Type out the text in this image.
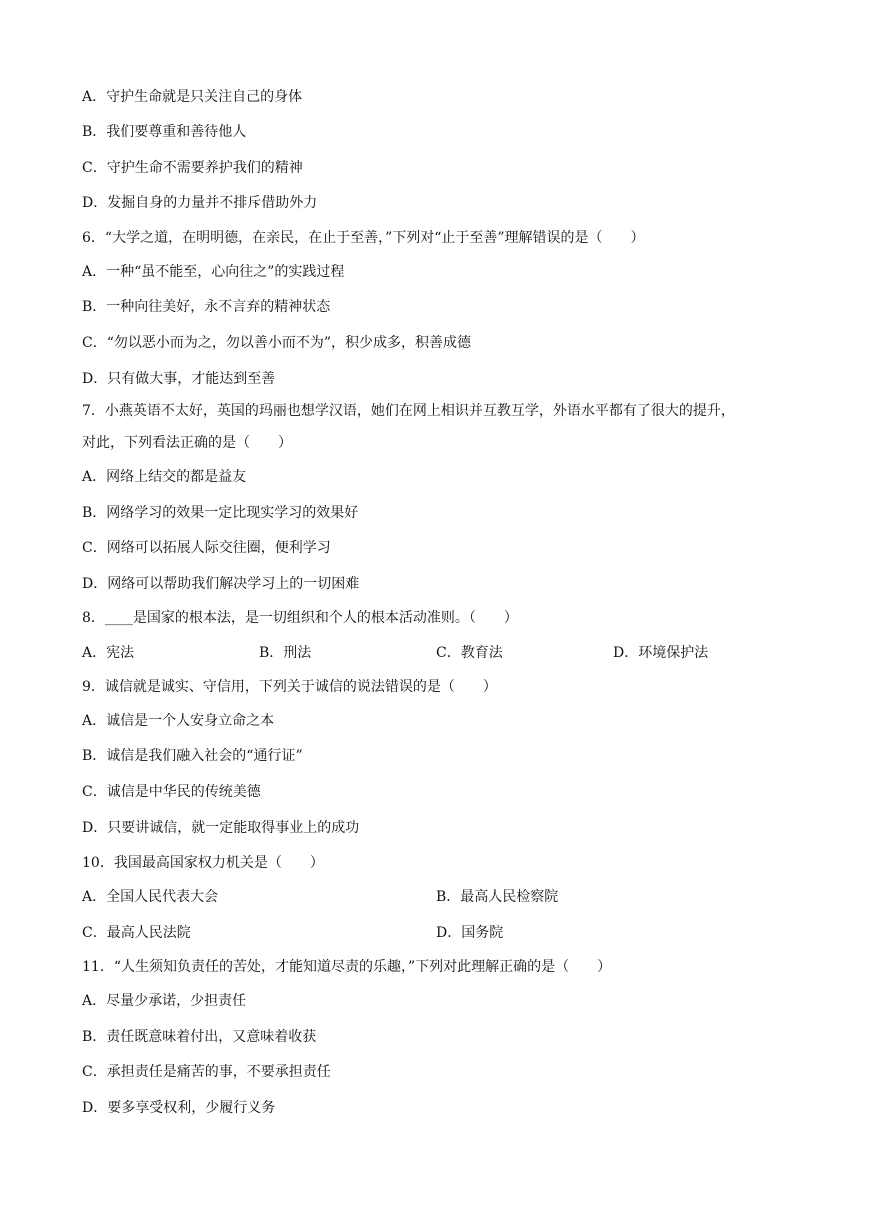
A．守护生命就是只关注自己的身体
B．我们要尊重和善待他人
C．守护生命不需要养护我们的精神
D．发掘自身的力量并不排斥借助外力
6．“大学之道，在明明德，在亲民，在止于至善，”下列对“止于至善”理解错误的是（　　）
A．一种“虽不能至，心向往之”的实践过程
B．一种向往美好，永不言弃的精神状态
C．“勿以恶小而为之，勿以善小而不为”，积少成多，积善成德
D．只有做大事，才能达到至善
7．小燕英语不太好，英国的玛丽也想学汉语，她们在网上相识并互教互学，外语水平都有了很大的提升，
对此，下列看法正确的是（　　）
A．网络上结交的都是益友
B．网络学习的效果一定比现实学习的效果好
C．网络可以拓展人际交往圈，便利学习
D．网络可以帮助我们解决学习上的一切困难
8．____是国家的根本法，是一切组织和个人的根本活动准则。（　　）
A．宪法	B．刑法	C．教育法	D．环境保护法
9．诚信就是诚实、守信用，下列关于诚信的说法错误的是（　　）
A．诚信是一个人安身立命之本
B．诚信是我们融入社会的“通行证”
C．诚信是中华民的传统美德
D．只要讲诚信，就一定能取得事业上的成功
10．我国最高国家权力机关是（　　）
A．全国人民代表大会	B．最高人民检察院
C．最高人民法院	D．国务院
11．“人生须知负责任的苦处，才能知道尽责的乐趣，”下列对此理解正确的是（　　）
A．尽量少承诺，少担责任
B．责任既意味着付出，又意味着收获
C．承担责任是痛苦的事，不要承担责任
D．要多享受权利，少履行义务
